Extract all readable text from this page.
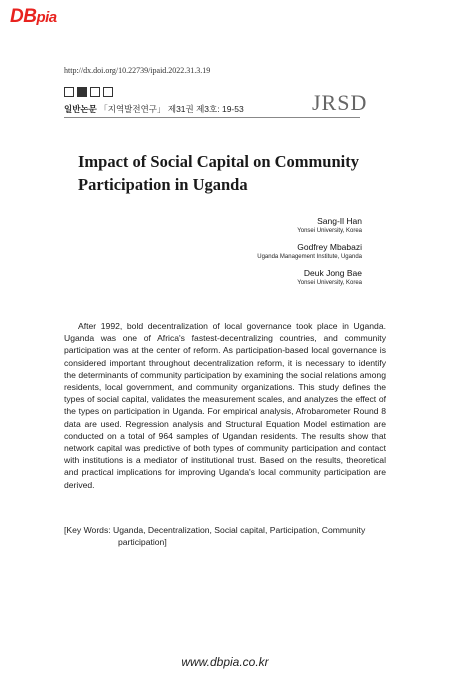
DBpia
http://dx.doi.org/10.22739/ipaid.2022.31.3.19
일반논문 「지역발전연구」 제31권 제3호: 19-53	JRSD
Impact of Social Capital on Community Participation in Uganda
Sang-Il Han
Yonsei University, Korea
Godfrey Mbabazi
Uganda Management Institute, Uganda
Deuk Jong Bae
Yonsei University, Korea

After 1992, bold decentralization of local governance took place in Uganda. Uganda was one of Africa's fastest-decentralizing countries, and community participation was at the center of reform. As participation-based local governance is considered important throughout decentralization reform, it is necessary to identify the determinants of community participation by examining the social relations among residents, local government, and community organizations. This study defines the types of social capital, validates the measurement scales, and analyzes the effect of the types on participation in Uganda. For empirical analysis, Afrobarometer Round 8 data are used. Regression analysis and Structural Equation Model estimation are conducted on a total of 964 samples of Ugandan residents. The results show that network capital was predictive of both types of community participation and contact with institutions is a mediator of institutional trust. Based on the results, theoretical and practical implications for improving Uganda's local community participation are derived.

[Key Words: Uganda, Decentralization, Social capital, Participation, Community participation]

www.dbpia.co.kr
